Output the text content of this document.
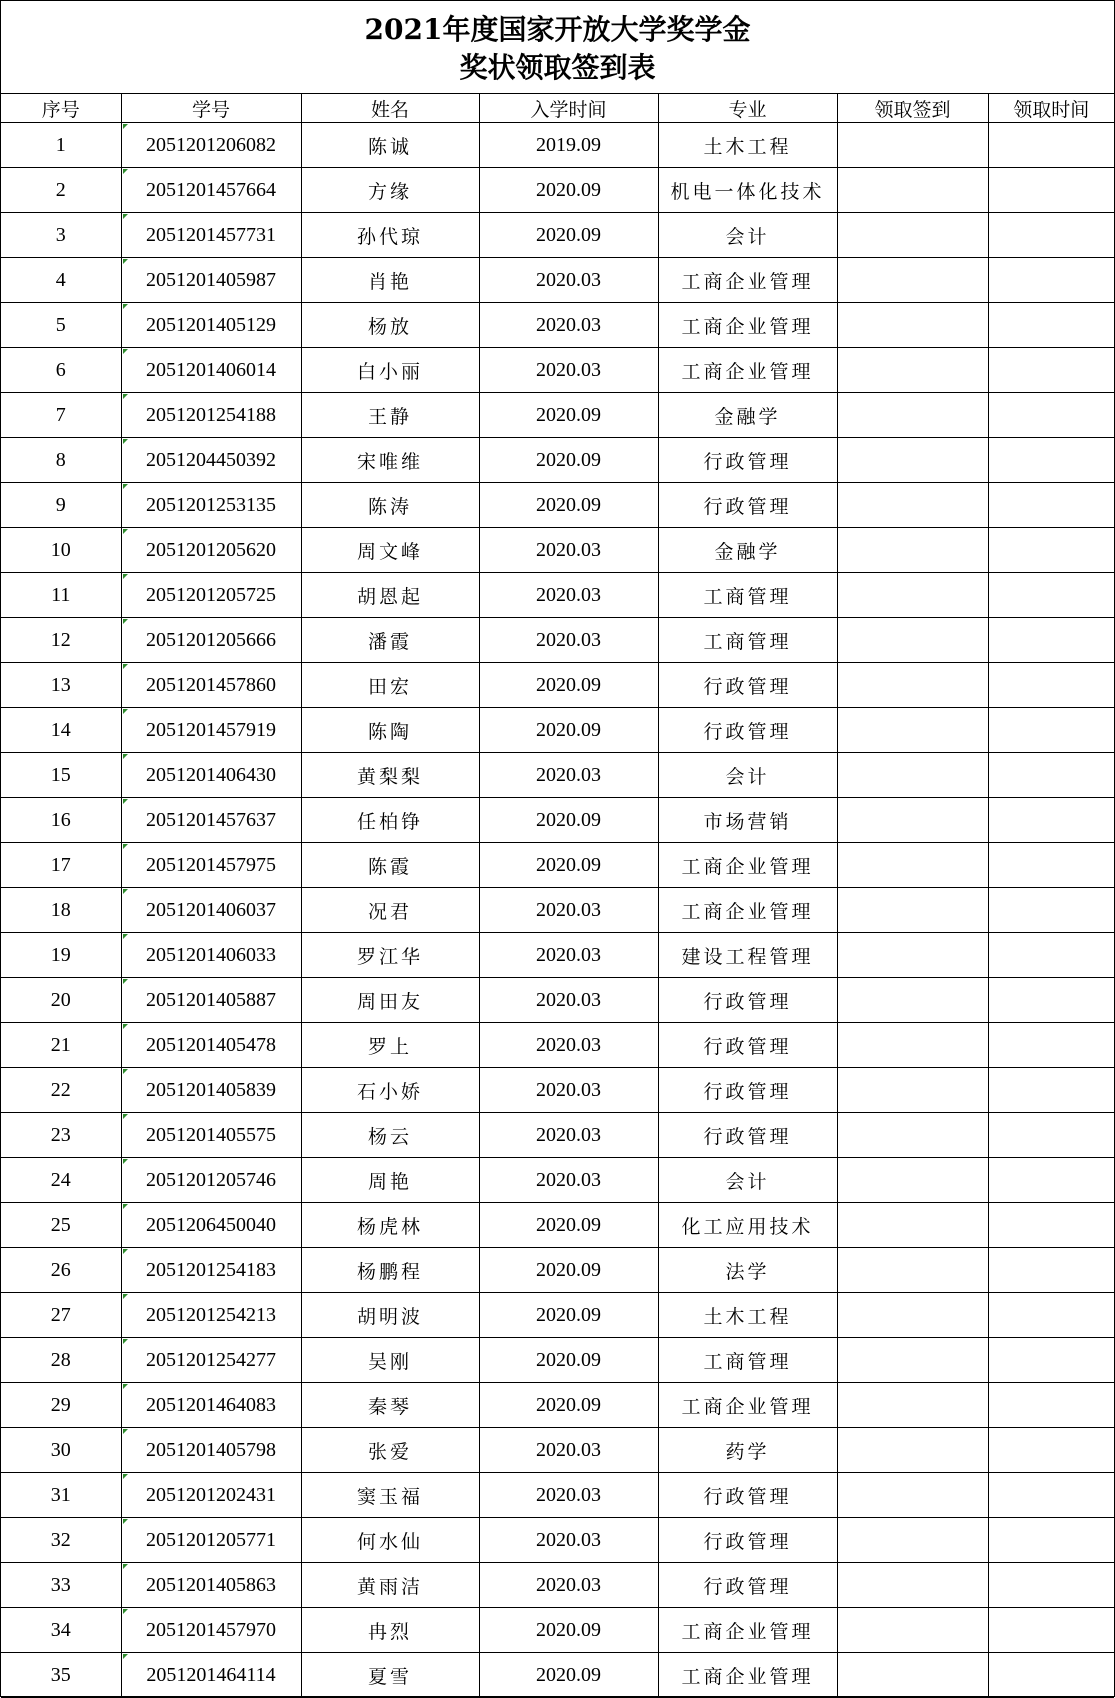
2021年度国家开放大学奖学金
奖状领取签到表
序号	学号	姓名	入学时间	专业	领取签到	领取时间
1	2051201206082	陈诚	2019.09	土木工程		
2	2051201457664	方缘	2020.09	机电一体化技术		
3	2051201457731	孙代琼	2020.09	会计		
4	2051201405987	肖艳	2020.03	工商企业管理		
5	2051201405129	杨放	2020.03	工商企业管理		
6	2051201406014	白小丽	2020.03	工商企业管理		
7	2051201254188	王静	2020.09	金融学		
8	2051204450392	宋唯维	2020.09	行政管理		
9	2051201253135	陈涛	2020.09	行政管理		
10	2051201205620	周文峰	2020.03	金融学		
11	2051201205725	胡恩起	2020.03	工商管理		
12	2051201205666	潘霞	2020.03	工商管理		
13	2051201457860	田宏	2020.09	行政管理		
14	2051201457919	陈陶	2020.09	行政管理		
15	2051201406430	黄梨梨	2020.03	会计		
16	2051201457637	任柏铮	2020.09	市场营销		
17	2051201457975	陈霞	2020.09	工商企业管理		
18	2051201406037	况君	2020.03	工商企业管理		
19	2051201406033	罗江华	2020.03	建设工程管理		
20	2051201405887	周田友	2020.03	行政管理		
21	2051201405478	罗上	2020.03	行政管理		
22	2051201405839	石小娇	2020.03	行政管理		
23	2051201405575	杨云	2020.03	行政管理		
24	2051201205746	周艳	2020.03	会计		
25	2051206450040	杨虎林	2020.09	化工应用技术		
26	2051201254183	杨鹏程	2020.09	法学		
27	2051201254213	胡明波	2020.09	土木工程		
28	2051201254277	吴刚	2020.09	工商管理		
29	2051201464083	秦琴	2020.09	工商企业管理		
30	2051201405798	张爱	2020.03	药学		
31	2051201202431	窦玉福	2020.03	行政管理		
32	2051201205771	何水仙	2020.03	行政管理		
33	2051201405863	黄雨洁	2020.03	行政管理		
34	2051201457970	冉烈	2020.09	工商企业管理		
35	2051201464114	夏雪	2020.09	工商企业管理		
